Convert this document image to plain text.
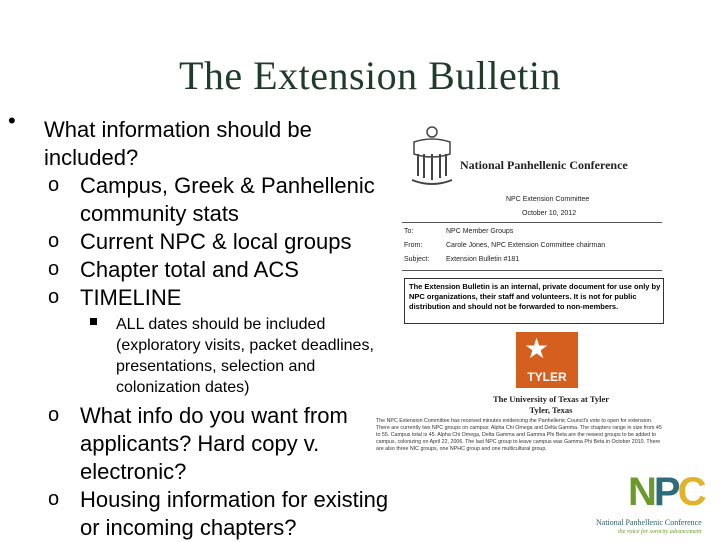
The Extension Bulletin
• What information should be
included?
o Campus, Greek & Panhellenic
community stats
o Current NPC & local groups
o Chapter total and ACS
o TIMELINE
ALL dates should be included
(exploratory visits, packet deadlines,
presentations, selection and
colonization dates)
o What info do you want from
applicants? Hard copy v.
electronic?
o Housing information for existing
or incoming chapters?
National Panhellenic Conference
NPC Extension Committee
October 10, 2012
To:	NPC Member Groups
From:	Carole Jones, NPC Extension Committee chairman
Subject: Extension Bulletin #181
The Extension Bulletin is an internal, private document for use only by NPC organizations, their staff and volunteers. It is not for public distribution and should not be forwarded to non-members.
★
TYLER
The University of Texas at Tyler
Tyler, Texas
The NPC Extension Committee has received minutes evidencing the Panhellenic Council's vote to open for extension. There are currently two NPC groups on campus: Alpha Chi Omega and Delta Gamma. The chapters range in size from 45 to 55. Campus total is 45. Alpha Chi Omega, Delta Gamma and Gamma Phi Beta are the newest groups to be added to campus, colonizing on April 22, 2006. The last NPC group to leave campus was Gamma Phi Beta in October 2010. There are also three NIC groups, one NPHC group and one multicultural group.
NPC
National Panhellenic Conference
the voice for sorority advancement
